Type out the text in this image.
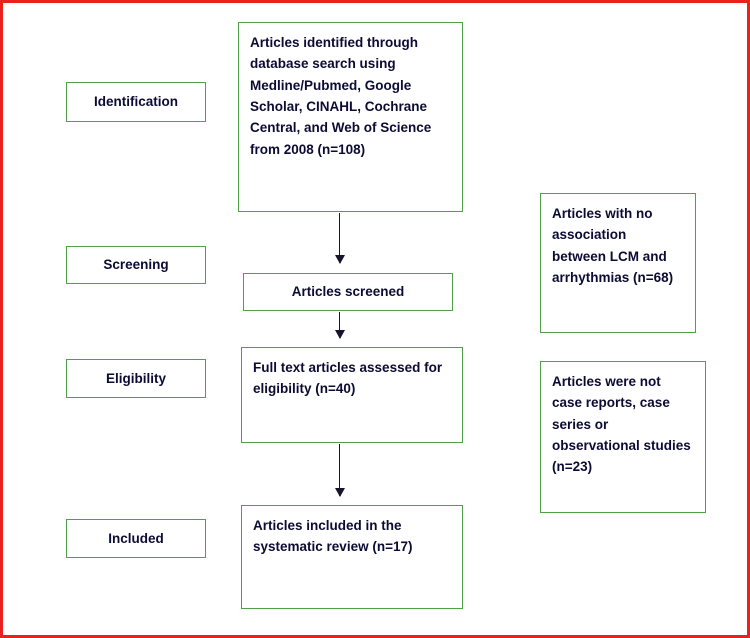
Identification
Screening
Eligibility
Included
Articles identified through database search using Medline/Pubmed, Google Scholar, CINAHL, Cochrane Central, and Web of Science from 2008 (n=108)
Articles screened
Full text articles assessed for eligibility (n=40)
Articles included in the systematic review (n=17)
Articles with no association between LCM and arrhythmias (n=68)
Articles were not case reports, case series or observational studies (n=23)
